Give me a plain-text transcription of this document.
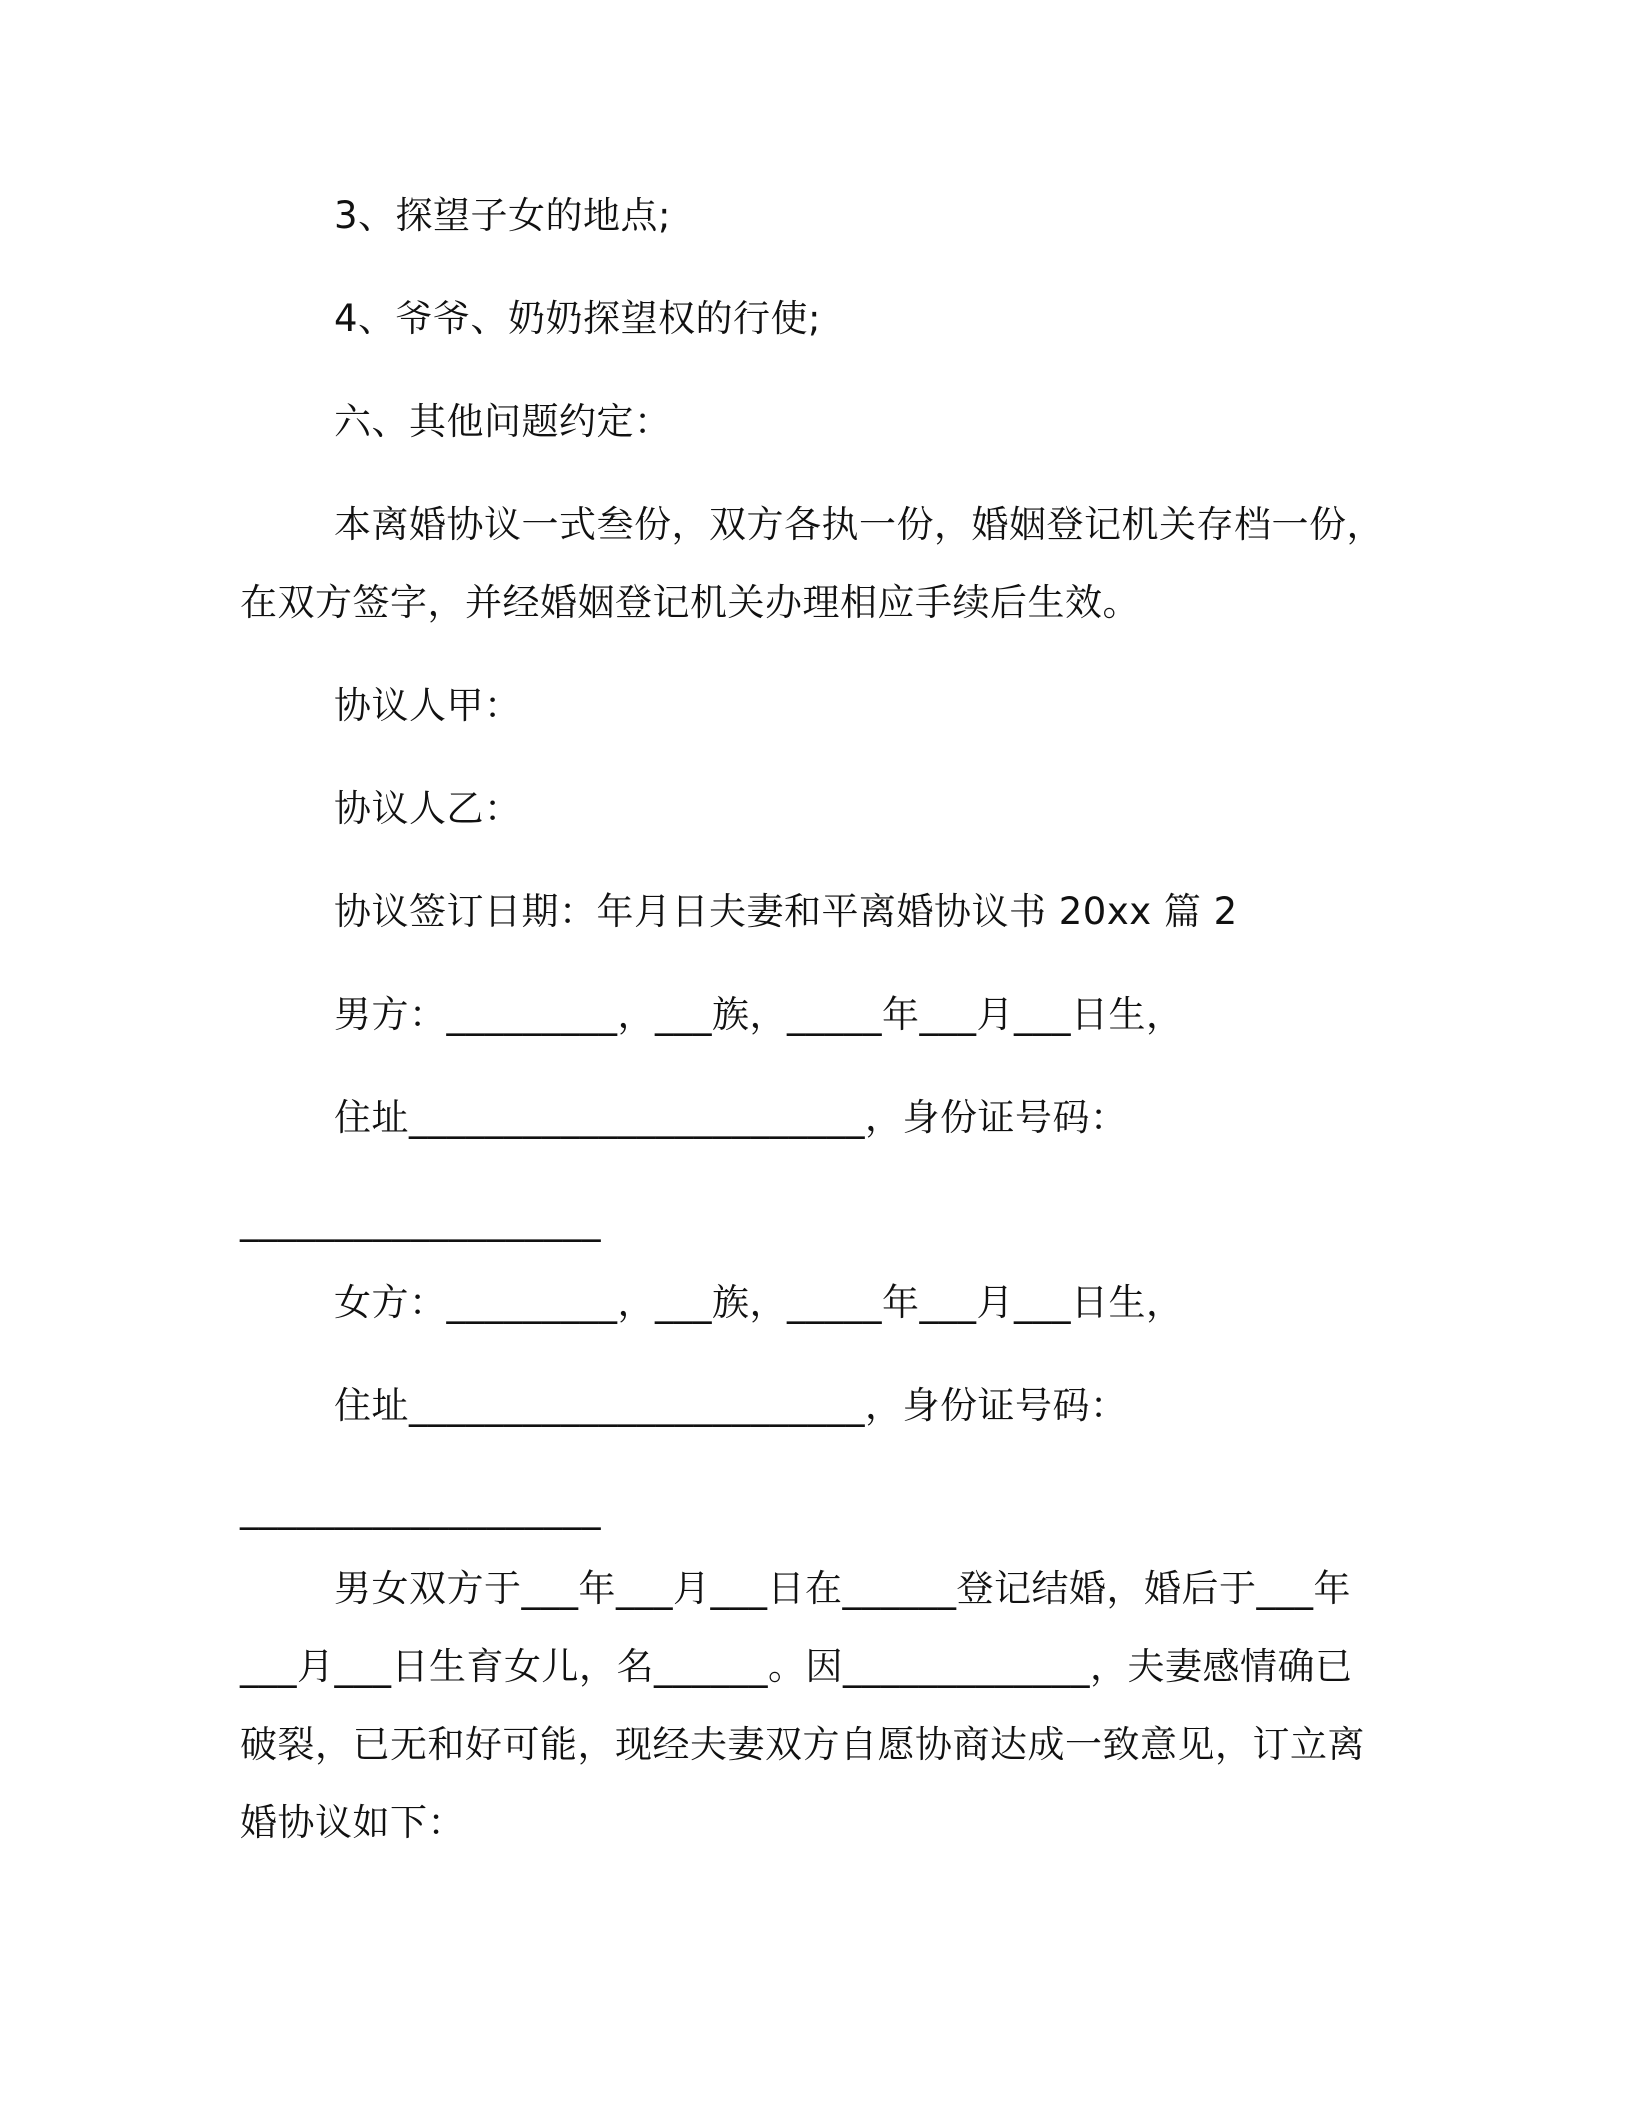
3、探望子女的地点;
4、爷爷、奶奶探望权的行使;
六、其他问题约定：
本离婚协议一式叁份，双方各执一份，婚姻登记机关存档一份，
在双方签字，并经婚姻登记机关办理相应手续后生效。
协议人甲：
协议人乙：
协议签订日期：年月日夫妻和平离婚协议书 20xx 篇 2
男方：_________，___族，_____年___月___日生，
住址________________________，身份证号码：
___________________
女方：_________，___族，_____年___月___日生，
住址________________________，身份证号码：
___________________
男女双方于___年___月___日在______登记结婚，婚后于___年
___月___日生育女儿，名______。因_____________，夫妻感情确已
破裂，已无和好可能，现经夫妻双方自愿协商达成一致意见，订立离
婚协议如下：
